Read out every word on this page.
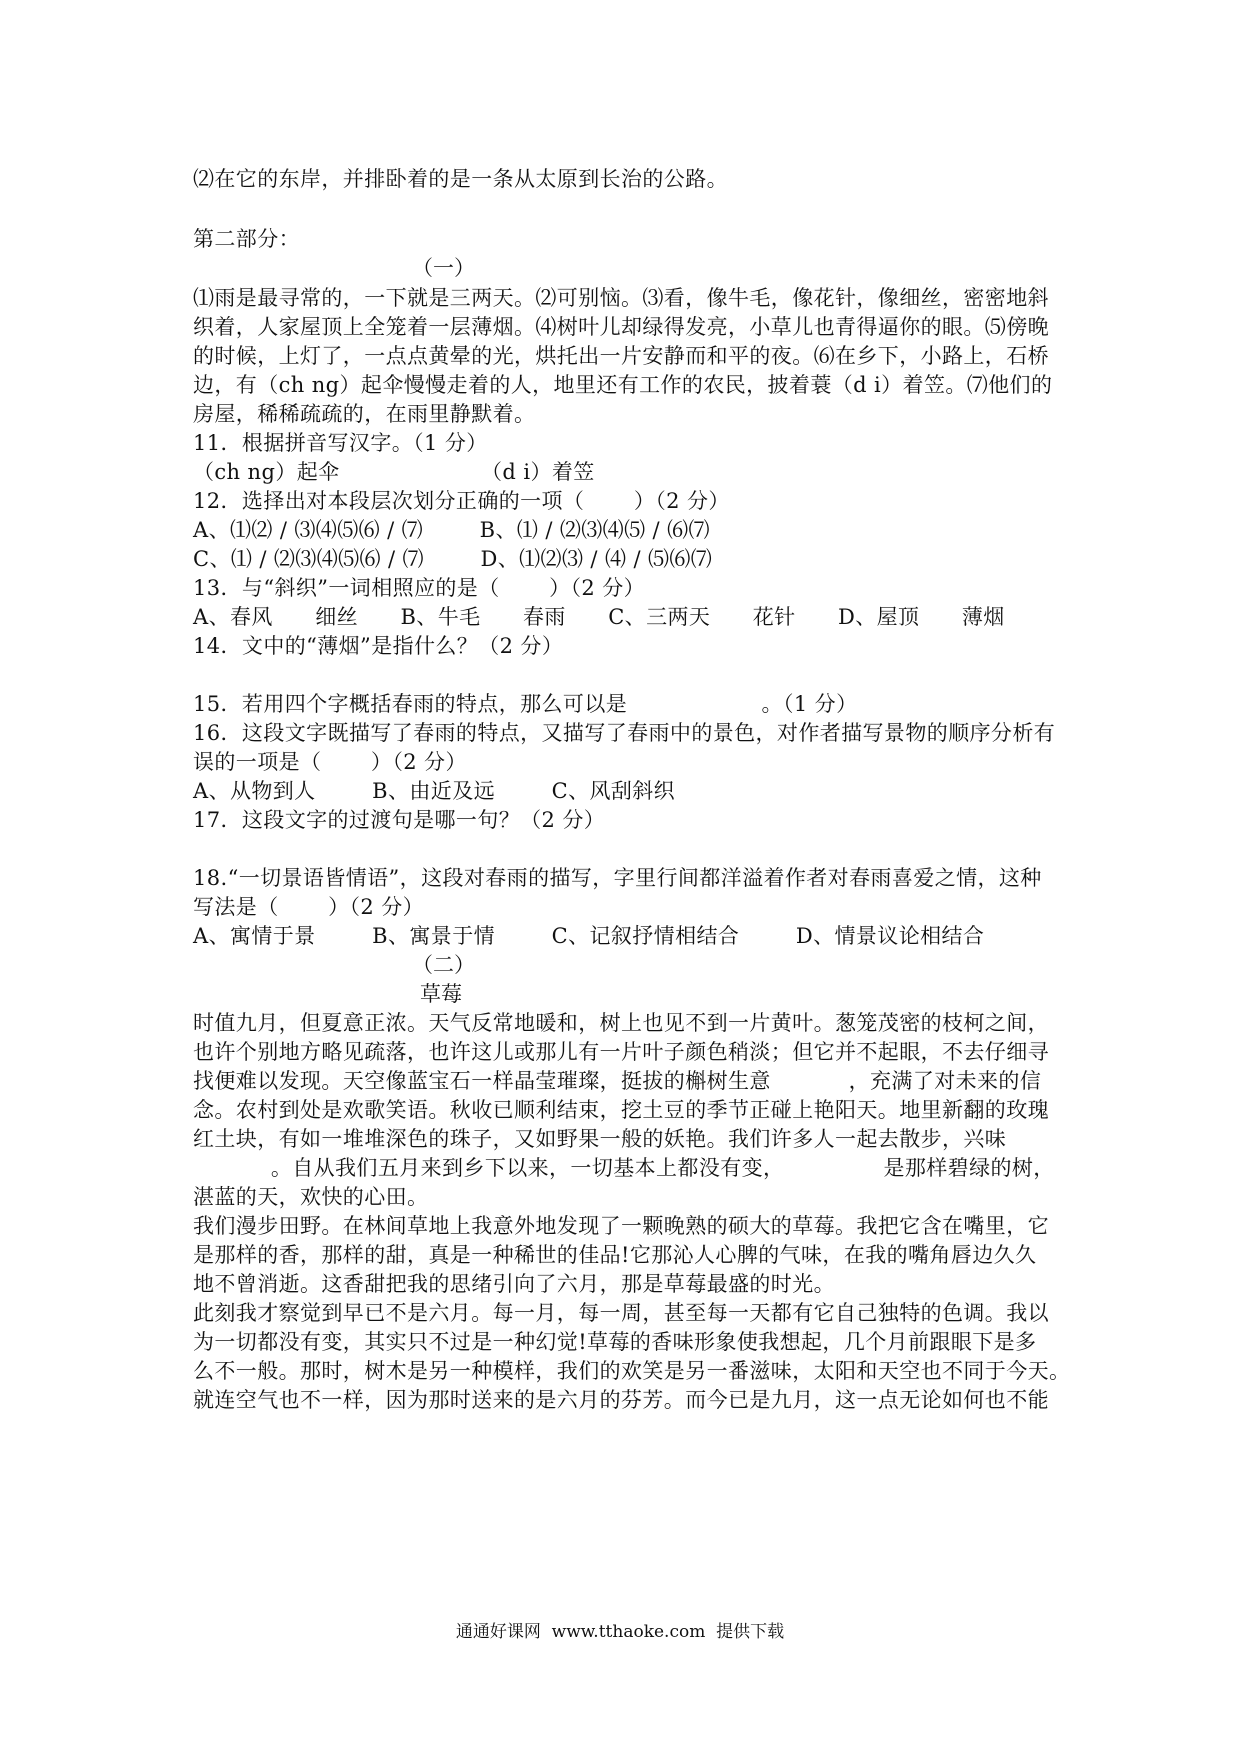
⑵在它的东岸，并排卧着的是一条从太原到长治的公路。
第二部分：
（一）
⑴雨是最寻常的，一下就是三两天。⑵可别恼。⑶看，像牛毛，像花针，像细丝，密密地斜
织着，人家屋顶上全笼着一层薄烟。⑷树叶儿却绿得发亮，小草儿也青得逼你的眼。⑸傍晚
的时候，上灯了，一点点黄晕的光，烘托出一片安静而和平的夜。⑹在乡下，小路上，石桥
边，有（ch ng）起伞慢慢走着的人，地里还有工作的农民，披着蓑（d i）着笠。⑺他们的
房屋，稀稀疏疏的，在雨里静默着。
11．根据拼音写汉字。（1 分）
（ch ng）起伞                    （d i）着笠
12．选择出对本段层次划分正确的一项（       ）（2 分）
A、⑴⑵ / ⑶⑷⑸⑹ / ⑺        B、⑴ / ⑵⑶⑷⑸ / ⑹⑺
C、⑴ / ⑵⑶⑷⑸⑹ / ⑺        D、⑴⑵⑶ / ⑷ / ⑸⑹⑺
13．与“斜织”一词相照应的是（       ）（2 分）
A、春风      细丝      B、牛毛      春雨      C、三两天      花针      D、屋顶      薄烟
14．文中的“薄烟”是指什么？（2 分）
15．若用四个字概括春雨的特点，那么可以是                   。（1 分）
16．这段文字既描写了春雨的特点，又描写了春雨中的景色，对作者描写景物的顺序分析有
误的一项是（       ）（2 分）
A、从物到人        B、由近及远        C、风刮斜织
17．这段文字的过渡句是哪一句？（2 分）
18.“一切景语皆情语”，这段对春雨的描写，字里行间都洋溢着作者对春雨喜爱之情，这种
写法是（       ）（2 分）
A、寓情于景        B、寓景于情        C、记叙抒情相结合        D、情景议论相结合
（二）
草莓
时值九月，但夏意正浓。天气反常地暖和，树上也见不到一片黄叶。葱笼茂密的枝柯之间，
也许个别地方略见疏落，也许这儿或那儿有一片叶子颜色稍淡；但它并不起眼，不去仔细寻
找便难以发现。天空像蓝宝石一样晶莹璀璨，挺拔的槲树生意           ，充满了对未来的信
念。农村到处是欢歌笑语。秋收已顺利结束，挖土豆的季节正碰上艳阳天。地里新翻的玫瑰
红土块，有如一堆堆深色的珠子，又如野果一般的妖艳。我们许多人一起去散步，兴味
。自从我们五月来到乡下以来，一切基本上都没有变，              是那样碧绿的树，
湛蓝的天，欢快的心田。
我们漫步田野。在林间草地上我意外地发现了一颗晚熟的硕大的草莓。我把它含在嘴里，它
是那样的香，那样的甜，真是一种稀世的佳品!它那沁人心脾的气味，在我的嘴角唇边久久
地不曾消逝。这香甜把我的思绪引向了六月，那是草莓最盛的时光。
此刻我才察觉到早已不是六月。每一月，每一周，甚至每一天都有它自己独特的色调。我以
为一切都没有变，其实只不过是一种幻觉!草莓的香味形象使我想起，几个月前跟眼下是多
么不一般。那时，树木是另一种模样，我们的欢笑是另一番滋味，太阳和天空也不同于今天。
就连空气也不一样，因为那时送来的是六月的芬芳。而今已是九月，这一点无论如何也不能
通通好课网  www.tthaoke.com  提供下载
